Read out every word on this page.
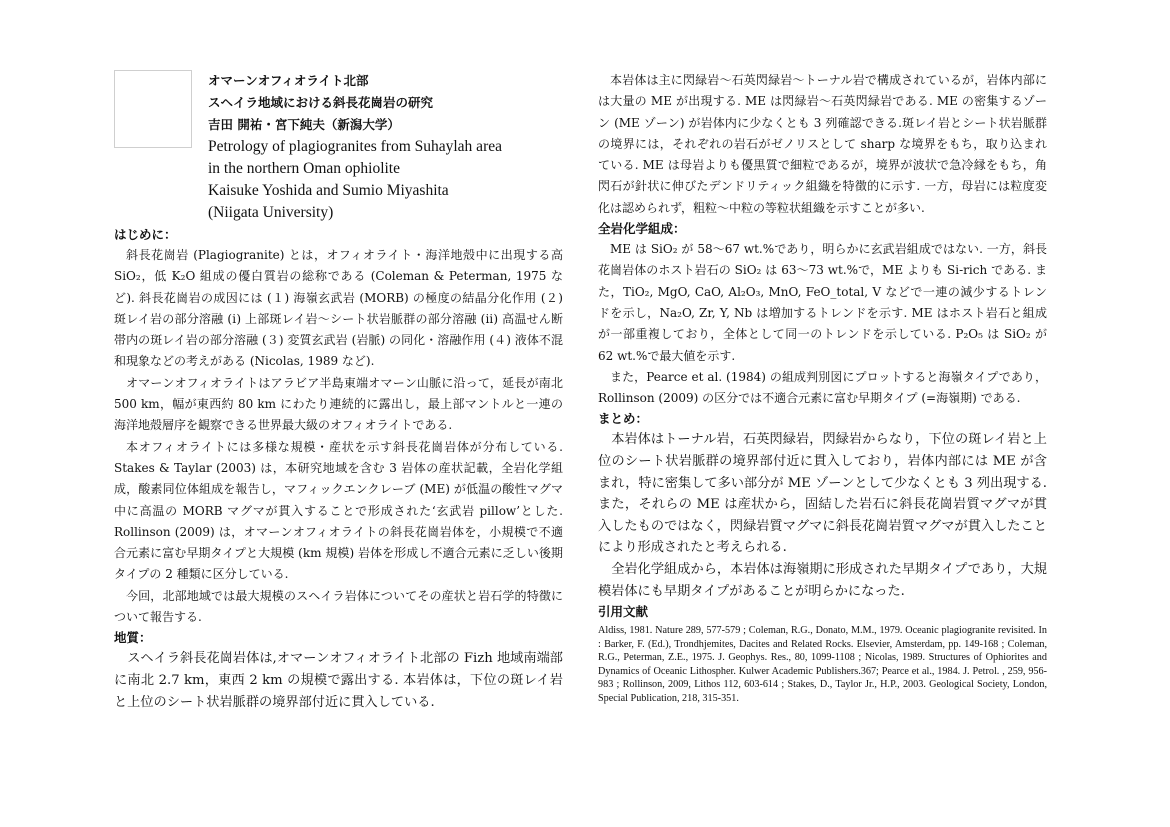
オマーンオフィオライト北部
スヘイラ地域における斜長花崗岩の研究
吉田 開祐・宮下純夫（新潟大学）
Petrology of plagiogranites from Suhaylah area
in the northern Oman ophiolite
Kaisuke Yoshida and Sumio Miyashita
(Niigata University)

はじめに：

斜長花崗岩 (Plagiogranite) とは，オフィオライト・海洋地殻中に出現する高 SiO₂，低 K₂O 組成の優白質岩の総称である (Coleman & Peterman, 1975 など). 斜長花崗岩の成因には (１) 海嶺玄武岩 (MORB) の極度の結晶分化作用 (２) 斑レイ岩の部分溶融 (ⅰ) 上部斑レイ岩～シート状岩脈群の部分溶融 (ⅱ) 高温せん断帯内の斑レイ岩の部分溶融 (３) 変質玄武岩 (岩脈) の同化・溶融作用 (４) 液体不混和現象などの考えがある (Nicolas, 1989 など).

オマーンオフィオライトはアラビア半島東端オマーン山脈に沿って，延長が南北 500 km，幅が東西約 80 km にわたり連続的に露出し，最上部マントルと一連の海洋地殻層序を観察できる世界最大級のオフィオライトである.

本オフィオライトには多様な規模・産状を示す斜長花崗岩体が分布している. Stakes & Taylar (2003) は，本研究地域を含む 3 岩体の産状記載，全岩化学組成，酸素同位体組成を報告し，マフィックエンクレーブ (ME) が低温の酸性マグマ中に高温の MORB マグマが貫入することで形成された‘玄武岩 pillow’とした. Rollinson (2009) は，オマーンオフィオライトの斜長花崗岩体を，小規模で不適合元素に富む早期タイプと大規模 (km 規模) 岩体を形成し不適合元素に乏しい後期タイプの 2 種類に区分している.

今回，北部地域では最大規模のスヘイラ岩体についてその産状と岩石学的特徴について報告する.

地質：

スヘイラ斜長花崗岩体は,オマーンオフィオライト北部の Fizh 地域南端部に南北 2.7 km，東西 2 km の規模で露出する. 本岩体は，下位の斑レイ岩と上位のシート状岩脈群の境界部付近に貫入している.

本岩体は主に閃緑岩～石英閃緑岩～トーナル岩で構成されているが，岩体内部には大量の ME が出現する. ME は閃緑岩～石英閃緑岩である. ME の密集するゾーン (ME ゾーン) が岩体内に少なくとも 3 列確認できる.斑レイ岩とシート状岩脈群の境界には，それぞれの岩石がゼノリスとして sharp な境界をもち，取り込まれている. ME は母岩よりも優黒質で細粒であるが，境界が波状で急冷縁をもち，角閃石が針状に伸びたデンドリティック組織を特徴的に示す. 一方，母岩には粒度変化は認められず，粗粒～中粒の等粒状組織を示すことが多い.

全岩化学組成：

ME は SiO₂ が 58～67 wt.%であり，明らかに玄武岩組成ではない. 一方，斜長花崗岩体のホスト岩石の SiO₂ は 63～73 wt.%で，ME よりも Si-rich である. また，TiO₂, MgO, CaO, Al₂O₃, MnO, FeO_total, V などで一連の減少するトレンドを示し，Na₂O, Zr, Y, Nb は増加するトレンドを示す. ME はホスト岩石と組成が一部重複しており，全体として同一のトレンドを示している. P₂O₅ は SiO₂ が 62 wt.%で最大値を示す.

また，Pearce et al. (1984) の組成判別図にプロットすると海嶺タイプであり，Rollinson (2009) の区分では不適合元素に富む早期タイプ (=海嶺期) である.

まとめ：

本岩体はトーナル岩，石英閃緑岩，閃緑岩からなり，下位の斑レイ岩と上位のシート状岩脈群の境界部付近に貫入しており，岩体内部には ME が含まれ，特に密集して多い部分が ME ゾーンとして少なくとも 3 列出現する. また，それらの ME は産状から，固結した岩石に斜長花崗岩質マグマが貫入したものではなく，閃緑岩質マグマに斜長花崗岩質マグマが貫入したことにより形成されたと考えられる.

全岩化学組成から，本岩体は海嶺期に形成された早期タイプであり，大規模岩体にも早期タイプがあることが明らかになった.

引用文献

Aldiss, 1981. Nature 289, 577-579 ; Coleman, R.G., Donato, M.M., 1979. Oceanic plagiogranite revisited. In : Barker, F. (Ed.), Trondhjemites, Dacites and Related Rocks. Elsevier, Amsterdam, pp. 149-168 ; Coleman, R.G., Peterman, Z.E., 1975. J. Geophys. Res., 80, 1099-1108 ; Nicolas, 1989. Structures of Ophiorites and Dynamics of Oceanic Lithospher. Kulwer Academic Publishers.367; Pearce et al., 1984. J. Petrol. , 259, 956-983 ; Rollinson, 2009, Lithos 112, 603-614 ; Stakes, D., Taylor Jr., H.P., 2003. Geological Society, London, Special Publication, 218, 315-351.
